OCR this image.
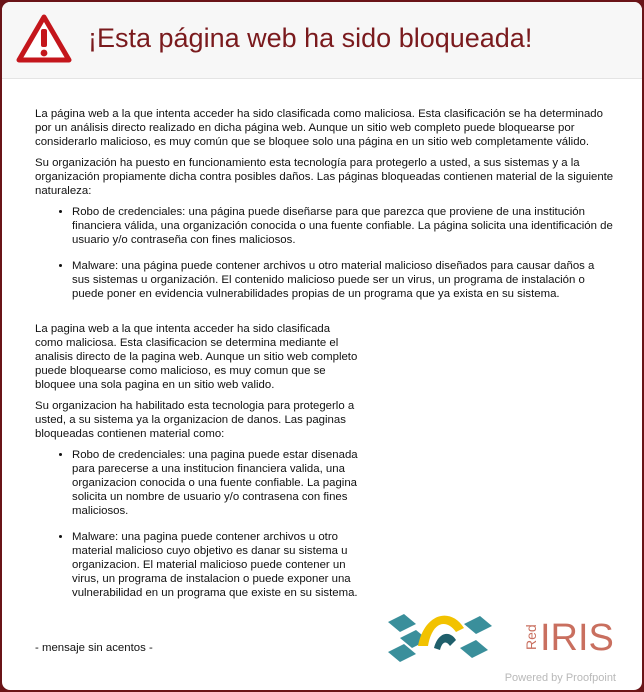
¡Esta página web ha sido bloqueada!

La página web a la que intenta acceder ha sido clasificada como maliciosa. Esta clasificación se ha determinado por un análisis directo realizado en dicha página web. Aunque un sitio web completo puede bloquearse por considerarlo malicioso, es muy común que se bloquee solo una página en un sitio web completamente válido.

Su organización ha puesto en funcionamiento esta tecnología para protegerlo a usted, a sus sistemas y a la organización propiamente dicha contra posibles daños. Las páginas bloqueadas contienen material de la siguiente naturaleza:

• Robo de credenciales: una página puede diseñarse para que parezca que proviene de una institución financiera válida, una organización conocida o una fuente confiable. La página solicita una identificación de usuario y/o contraseña con fines maliciosos.
• Malware: una página puede contener archivos u otro material malicioso diseñados para causar daños a sus sistemas u organización. El contenido malicioso puede ser un virus, un programa de instalación o puede poner en evidencia vulnerabilidades propias de un programa que ya exista en su sistema.

La pagina web a la que intenta acceder ha sido clasificada como maliciosa. Esta clasificacion se determina mediante el analisis directo de la pagina web. Aunque un sitio web completo puede bloquearse como malicioso, es muy comun que se bloquee una sola pagina en un sitio web valido.

Su organizacion ha habilitado esta tecnologia para protegerlo a usted, a su sistema ya la organizacion de danos. Las paginas bloqueadas contienen material como:

• Robo de credenciales: una pagina puede estar disenada para parecerse a una institucion financiera valida, una organizacion conocida o una fuente confiable. La pagina solicita un nombre de usuario y/o contrasena con fines maliciosos.
• Malware: una pagina puede contener archivos u otro material malicioso cuyo objetivo es danar su sistema u organizacion. El material malicioso puede contener un virus, un programa de instalacion o puede exponer una vulnerabilidad en un programa que existe en su sistema.
- mensaje sin acentos -	Red IRIS
Powered by Proofpoint
